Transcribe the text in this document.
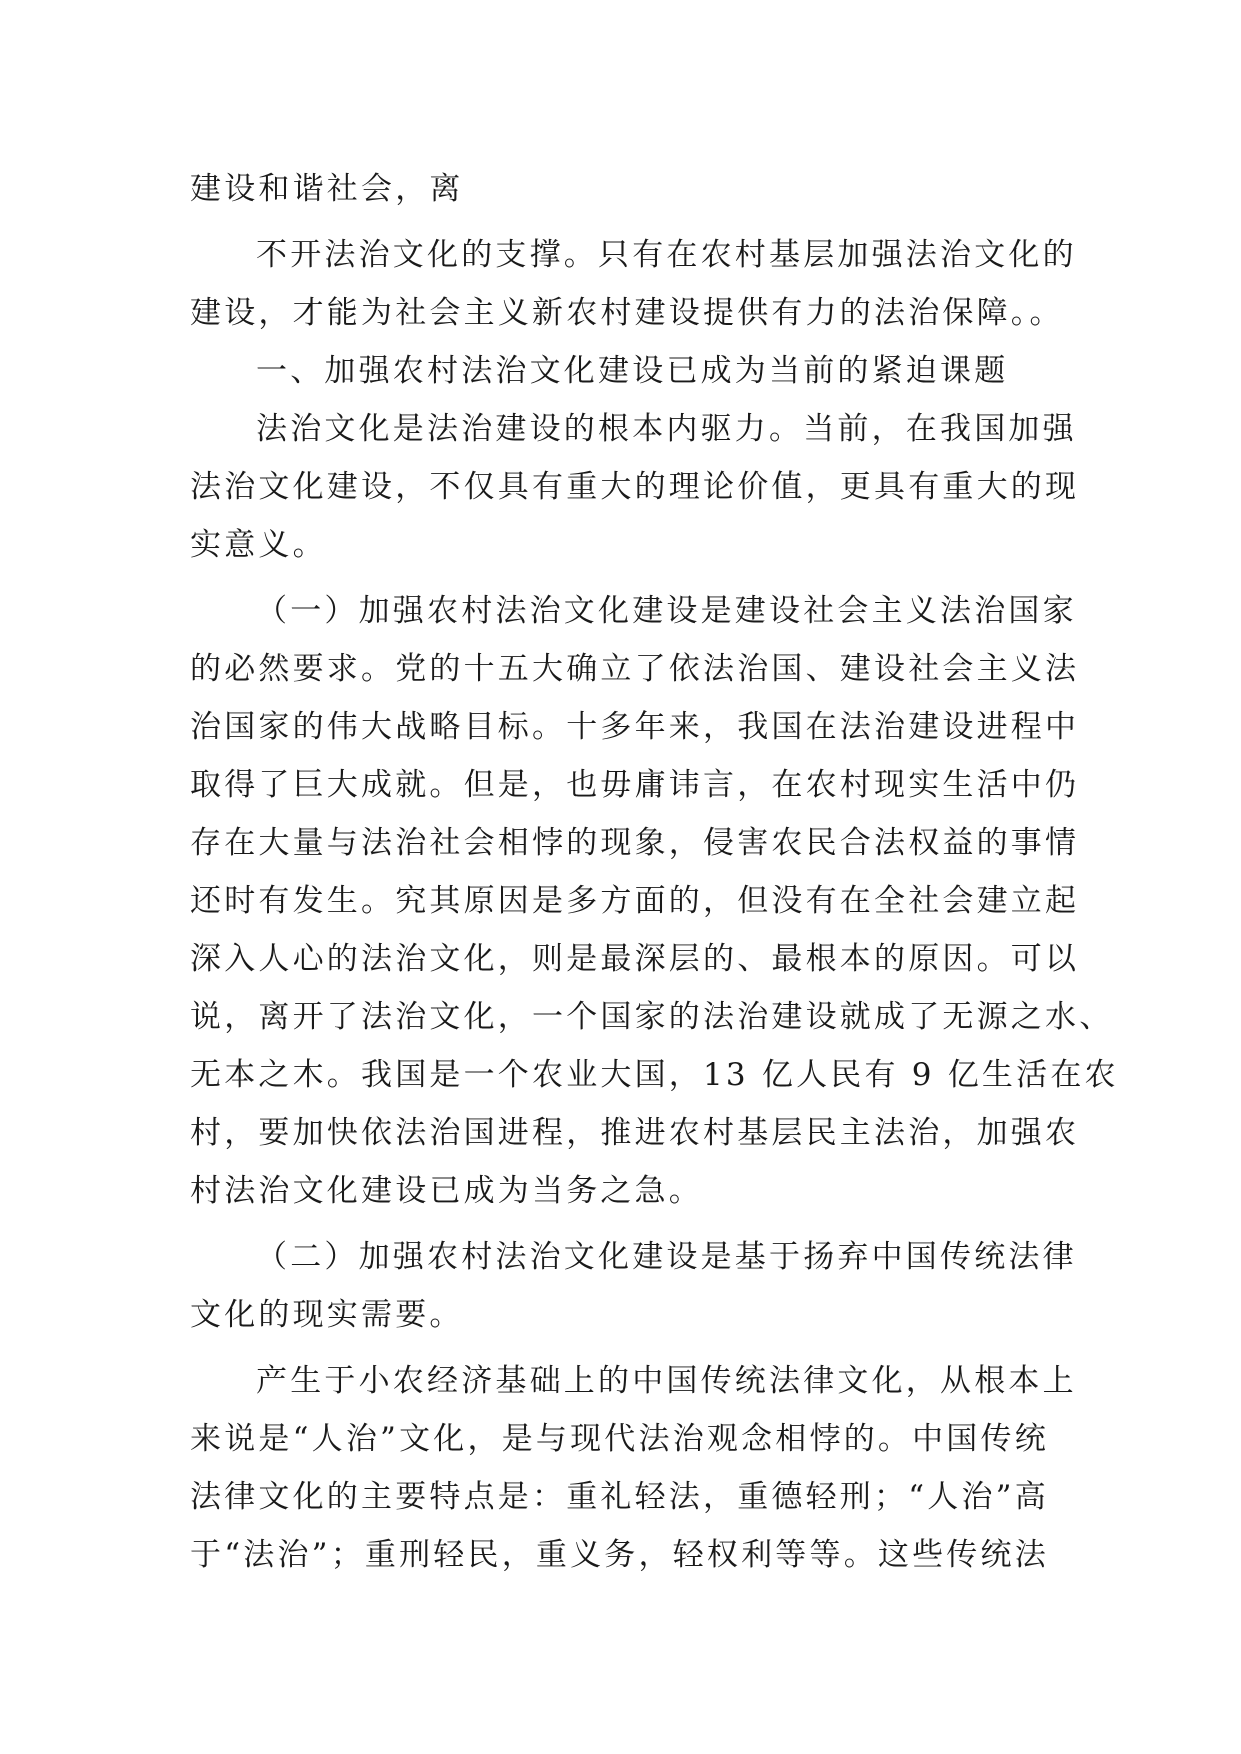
建设和谐社会，离
不开法治文化的支撑。只有在农村基层加强法治文化的
建设，才能为社会主义新农村建设提供有力的法治保障。。
一、加强农村法治文化建设已成为当前的紧迫课题
法治文化是法治建设的根本内驱力。当前，在我国加强
法治文化建设，不仅具有重大的理论价值，更具有重大的现
实意义。
（一）加强农村法治文化建设是建设社会主义法治国家
的必然要求。党的十五大确立了依法治国、建设社会主义法
治国家的伟大战略目标。十多年来，我国在法治建设进程中
取得了巨大成就。但是，也毋庸讳言，在农村现实生活中仍
存在大量与法治社会相悖的现象，侵害农民合法权益的事情
还时有发生。究其原因是多方面的，但没有在全社会建立起
深入人心的法治文化，则是最深层的、最根本的原因。可以
说，离开了法治文化，一个国家的法治建设就成了无源之水、
无本之木。我国是一个农业大国，13 亿人民有 9 亿生活在农
村，要加快依法治国进程，推进农村基层民主法治，加强农
村法治文化建设已成为当务之急。
（二）加强农村法治文化建设是基于扬弃中国传统法律
文化的现实需要。
产生于小农经济基础上的中国传统法律文化，从根本上
来说是“人治”文化，是与现代法治观念相悖的。中国传统
法律文化的主要特点是：重礼轻法，重德轻刑；“人治”高
于“法治”；重刑轻民，重义务，轻权利等等。这些传统法
